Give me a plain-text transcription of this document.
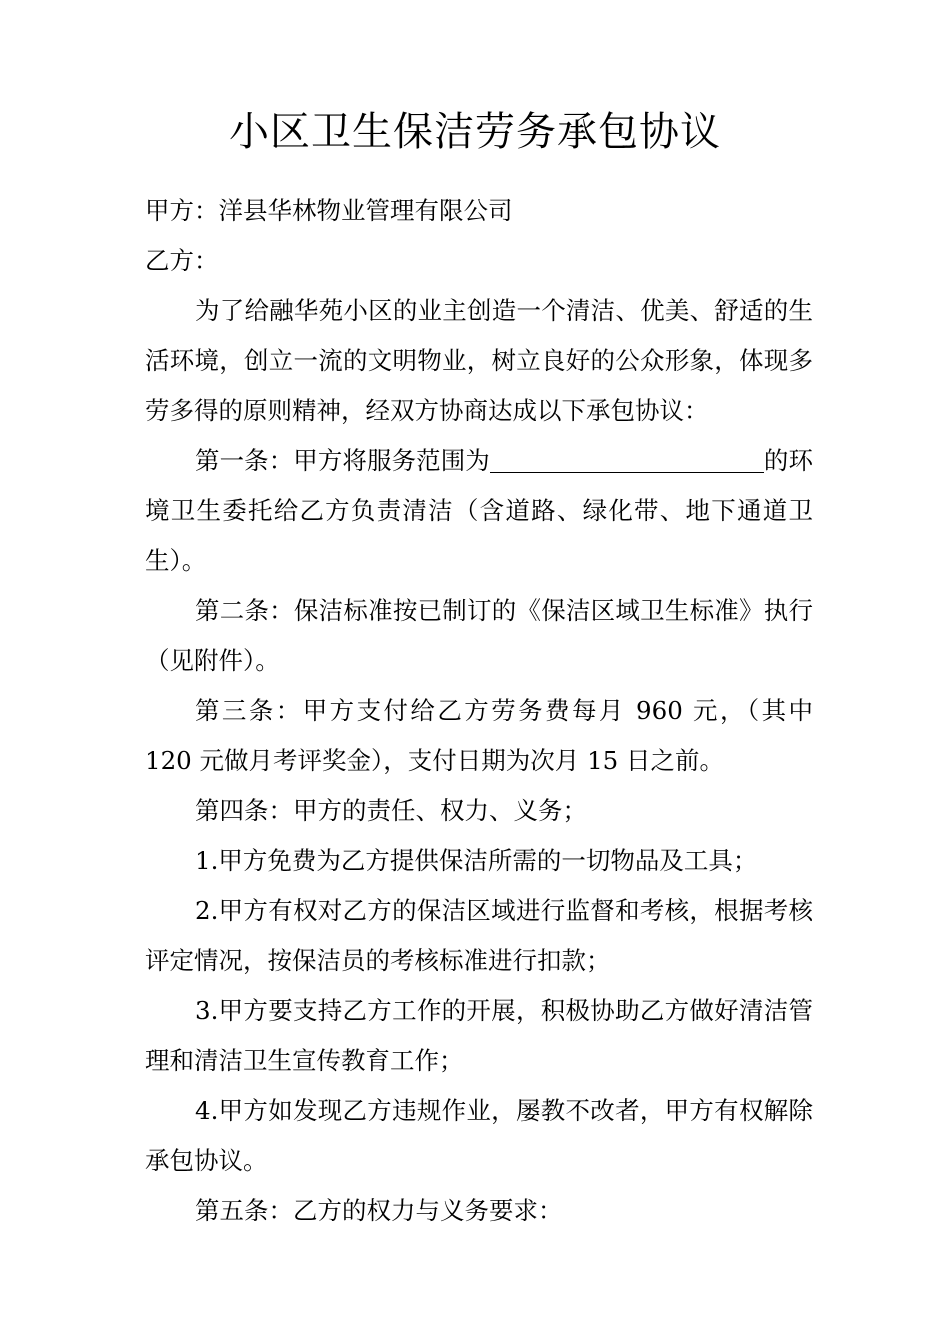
小区卫生保洁劳务承包协议

甲方：洋县华林物业管理有限公司

乙方：

为了给融华苑小区的业主创造一个清洁、优美、舒适的生活环境，创立一流的文明物业，树立良好的公众形象，体现多劳多得的原则精神，经双方协商达成以下承包协议：

第一条：甲方将服务范围为	的环境卫生委托给乙方负责清洁（含道路、绿化带、地下通道卫生）。

第二条：保洁标准按已制订的《保洁区域卫生标准》执行（见附件）。

第三条：甲方支付给乙方劳务费每月 960 元，（其中 120 元做月考评奖金），支付日期为次月 15 日之前。

第四条：甲方的责任、权力、义务；

1.甲方免费为乙方提供保洁所需的一切物品及工具；

2.甲方有权对乙方的保洁区域进行监督和考核，根据考核评定情况，按保洁员的考核标准进行扣款；

3.甲方要支持乙方工作的开展，积极协助乙方做好清洁管理和清洁卫生宣传教育工作；

4.甲方如发现乙方违规作业，屡教不改者，甲方有权解除承包协议。

第五条：乙方的权力与义务要求：
